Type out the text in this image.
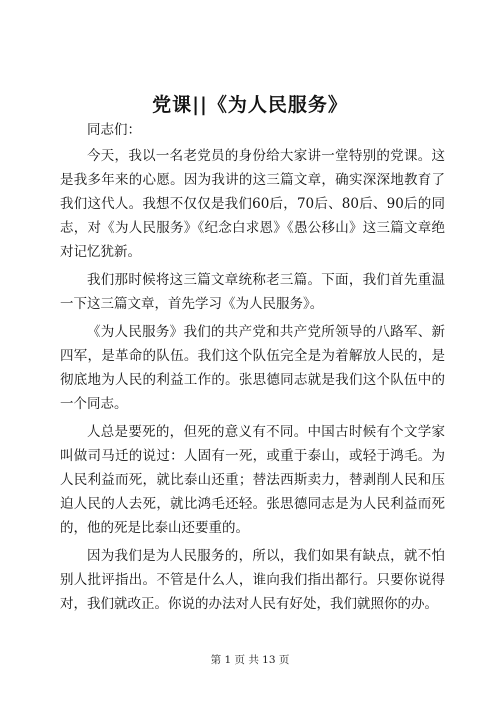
党课||《为人民服务》

同志们：

今天，我以一名老党员的身份给大家讲一堂特别的党课。这是我多年来的心愿。因为我讲的这三篇文章，确实深深地教育了我们这代人。我想不仅仅是我们60后，70后、80后、90后的同志，对《为人民服务》《纪念白求恩》《愚公移山》这三篇文章绝对记忆犹新。

我们那时候将这三篇文章统称老三篇。下面，我们首先重温一下这三篇文章，首先学习《为人民服务》。

《为人民服务》我们的共产党和共产党所领导的八路军、新四军，是革命的队伍。我们这个队伍完全是为着解放人民的，是彻底地为人民的利益工作的。张思德同志就是我们这个队伍中的一个同志。

人总是要死的，但死的意义有不同。中国古时候有个文学家叫做司马迁的说过：人固有一死，或重于泰山，或轻于鸿毛。为人民利益而死，就比泰山还重；替法西斯卖力，替剥削人民和压迫人民的人去死，就比鸿毛还轻。张思德同志是为人民利益而死的，他的死是比泰山还要重的。

因为我们是为人民服务的，所以，我们如果有缺点，就不怕别人批评指出。不管是什么人，谁向我们指出都行。只要你说得对，我们就改正。你说的办法对人民有好处，我们就照你的办。

第 1 页 共 13 页
